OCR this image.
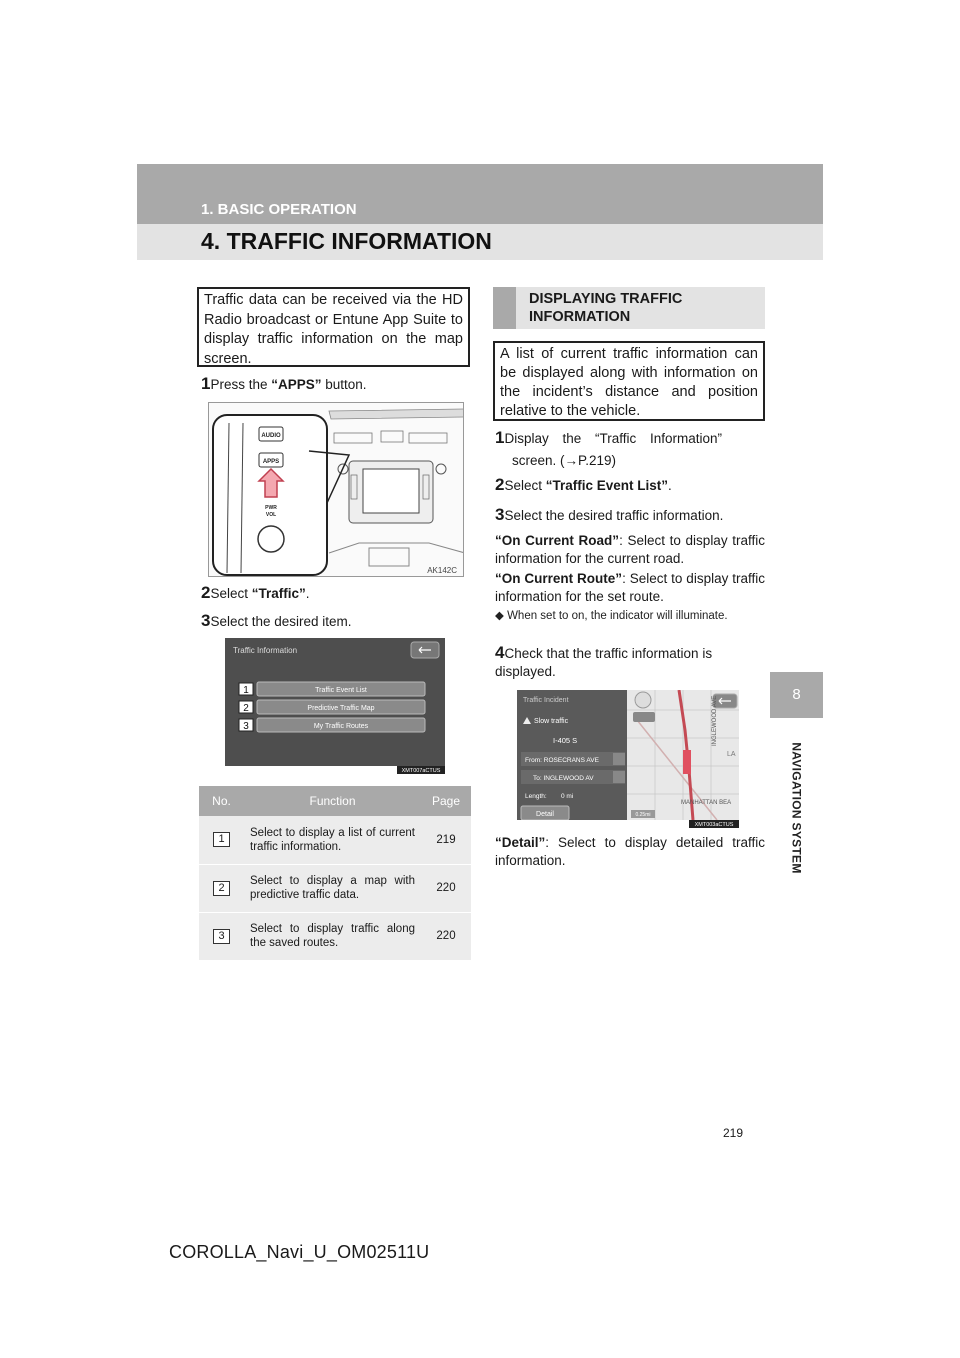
1. BASIC OPERATION
4. TRAFFIC INFORMATION
8
NAVIGATION SYSTEM
Traffic data can be received via the HD Radio broadcast or Entune App Suite to display traffic information on the map screen.
1Press the “APPS” button.
AUDIO
APPS
PWR
VOL
AK142C
2Select “Traffic”.
3Select the desired item.
Traffic Information
Traffic Event List
Predictive Traffic Map
My Traffic Routes
1
2
3
XMT007aCTUS
No.	Function	Page
1	Select to display a list of current traffic information.	219
2	Select to display a map with predictive traffic data.	220
3	Select to display traffic along the saved routes.	220
DISPLAYING TRAFFIC INFORMATION
A list of current traffic information can be displayed along with information on the incident’s distance and position relative to the vehicle.
1Display the “Traffic Information”
screen. (→P.219)
2Select “Traffic Event List”.
3Select the desired traffic information.
“On Current Road”: Select to display traffic information for the current road.
“On Current Route”: Select to display traffic information for the set route.
◆ When set to on, the indicator will illuminate.
4Check that the traffic information is displayed.
INGLEWOOD AVE
LA
MANHATTAN BEA
0.25mi
Traffic Incident
Slow traffic
I-405 S
From: ROSECRANS AVE
To: INGLEWOOD AV
Length: 0 mi
Detail
XMT003aCTUS
“Detail”: Select to display detailed traffic information.
219
COROLLA_Navi_U_OM02511U
